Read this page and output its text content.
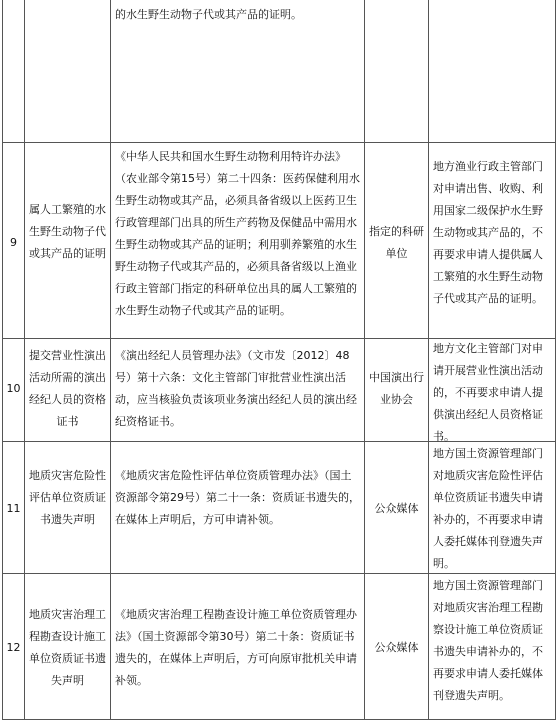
的水生野生动物子代或其产品的证明。
9
属人工繁殖的水生野生动物子代或其产品的证明
《中华人民共和国水生野生动物利用特许办法》（农业部令第15号）第二十四条：医药保健利用水生野生动物或其产品，必须具备省级以上医药卫生行政管理部门出具的所生产药物及保健品中需用水生野生动物或其产品的证明；利用驯养繁殖的水生野生动物子代或其产品的，必须具备省级以上渔业行政主管部门指定的科研单位出具的属人工繁殖的水生野生动物子代或其产品的证明。
指定的科研单位
地方渔业行政主管部门对申请出售、收购、利用国家二级保护水生野生动物或其产品的，不再要求申请人提供属人工繁殖的水生野生动物子代或其产品的证明。
10
提交营业性演出活动所需的演出经纪人员的资格证书
《演出经纪人员管理办法》（文市发〔2012〕48号）第十六条：文化主管部门审批营业性演出活动，应当核验负责该项业务演出经纪人员的演出经纪资格证书。
中国演出行业协会
地方文化主管部门对申请开展营业性演出活动的，不再要求申请人提供演出经纪人员资格证书。
11
地质灾害危险性评估单位资质证书遗失声明
《地质灾害危险性评估单位资质管理办法》（国土资源部令第29号）第二十一条：资质证书遗失的，在媒体上声明后，方可申请补领。
公众媒体
地方国土资源管理部门对地质灾害危险性评估单位资质证书遗失申请补办的，不再要求申请人委托媒体刊登遗失声明。
12
地质灾害治理工程勘查设计施工单位资质证书遗失声明
《地质灾害治理工程勘查设计施工单位资质管理办法》（国土资源部令第30号）第二十条：资质证书遗失的，在媒体上声明后，方可向原审批机关申请补领。
公众媒体
地方国土资源管理部门对地质灾害治理工程勘察设计施工单位资质证书遗失申请补办的，不再要求申请人委托媒体刊登遗失声明。
